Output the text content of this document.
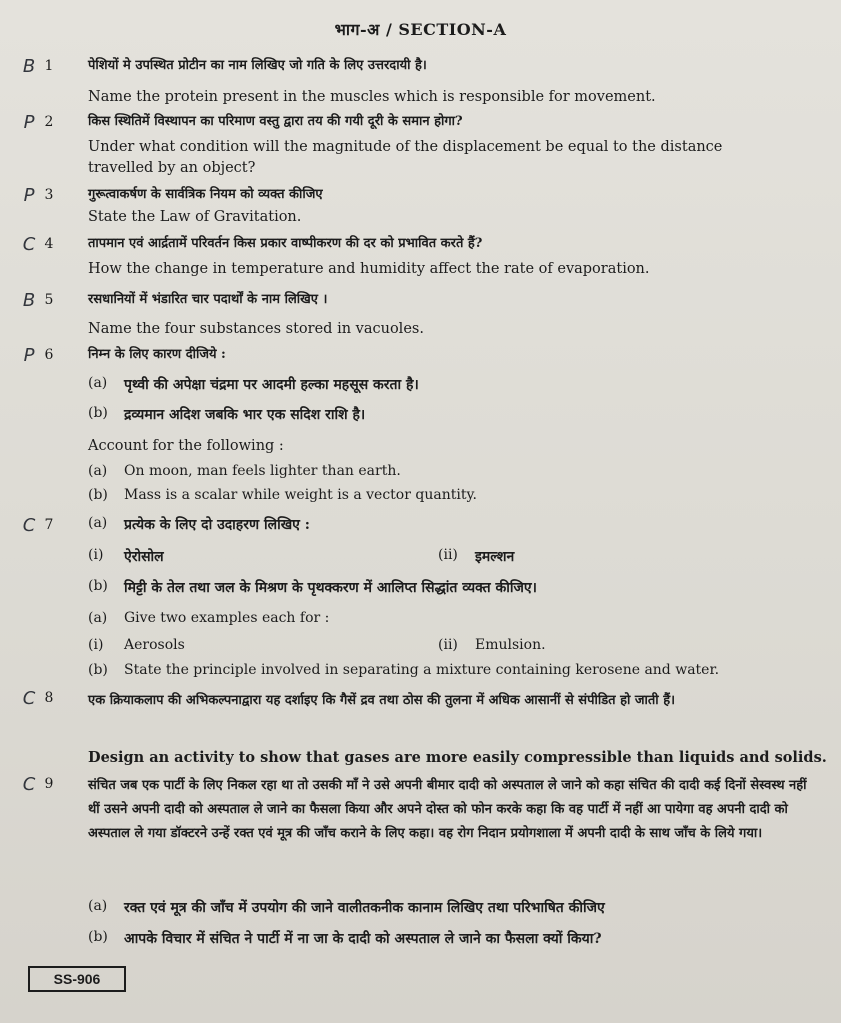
भाग-अ / SECTION-A
B 1	पेशियों मे उपस्थित प्रोटीन का नाम लिखिए जो गति के लिए उत्तरदायी है।
Name the protein present in the muscles which is responsible for movement.
P 2	किस स्थितिमें विस्थापन का परिमाण वस्तु द्वारा तय की गयी दूरी के समान होगा?
Under what condition will the magnitude of the displacement be equal to the distance
travelled by an object?
P 3	गुरूत्वाकर्षण के सार्वत्रिक नियम को व्यक्त कीजिए
State the Law of Gravitation.
C 4	तापमान एवं आर्द्रतामें परिवर्तन किस प्रकार वाष्पीकरण की दर को प्रभावित करते हैं?
How the change in temperature and humidity affect the rate of evaporation.
B 5	रसधानियों में भंडारित चार पदार्थों के नाम लिखिए ।
Name the four substances stored in vacuoles.
P 6	निम्न के लिए कारण दीजिये :
(a)	पृथ्वी की अपेक्षा चंद्रमा पर आदमी हल्का महसूस करता है।
(b)	द्रव्यमान अदिश जबकि भार एक सदिश राशि है।
Account for the following :
(a)	On moon, man feels lighter than earth.
(b)	Mass is a scalar while weight is a vector quantity.
C 7	(a)	प्रत्येक के लिए दो उदाहरण लिखिए :
(i)	ऐरोसोल	(ii) इमल्शन
(b)	मिट्टी के तेल तथा जल के मिश्रण के पृथक्करण में आलिप्त सिद्धांत व्यक्त कीजिए।
(a)	Give two examples each for :
(i)	Aerosols	(ii) Emulsion.
(b)	State the principle involved in separating a mixture containing kerosene and water.
C 8	एक क्रियाकलाप की अभिकल्पनाद्वारा यह दर्शाइए कि गैसें द्रव तथा ठोस की तुलना में अधिक आसानीं से संपीडित हो जाती हैं।
Design an activity to show that gases are more easily compressible than liquids and solids.
C 9	संचित जब एक पार्टी के लिए निकल रहा था तो उसकी माँ ने उसे अपनी बीमार दादी को अस्पताल ले जाने को कहा संचित की दादी कई दिनों सेस्वस्थ नहीं थीं उसने अपनी दादी को अस्पताल ले जाने का फैसला किया और अपने दोस्त को फोन करके कहा कि वह पार्टी में नहीं आ पायेगा वह अपनी दादी को अस्पताल ले गया डॉक्टरने उन्हें रक्त एवं मूत्र की जाँच कराने के लिए कहा। वह रोग निदान प्रयोगशाला में अपनी दादी के साथ जाँच के लिये गया।
(a)	रक्त एवं मूत्र की जाँच में उपयोग की जाने वालीतकनीक कानाम लिखिए तथा परिभाषित कीजिए
(b)	आपके विचार में संचित ने पार्टी में ना जा के दादी को अस्पताल ले जाने का फैसला क्यों किया?
SS-906
